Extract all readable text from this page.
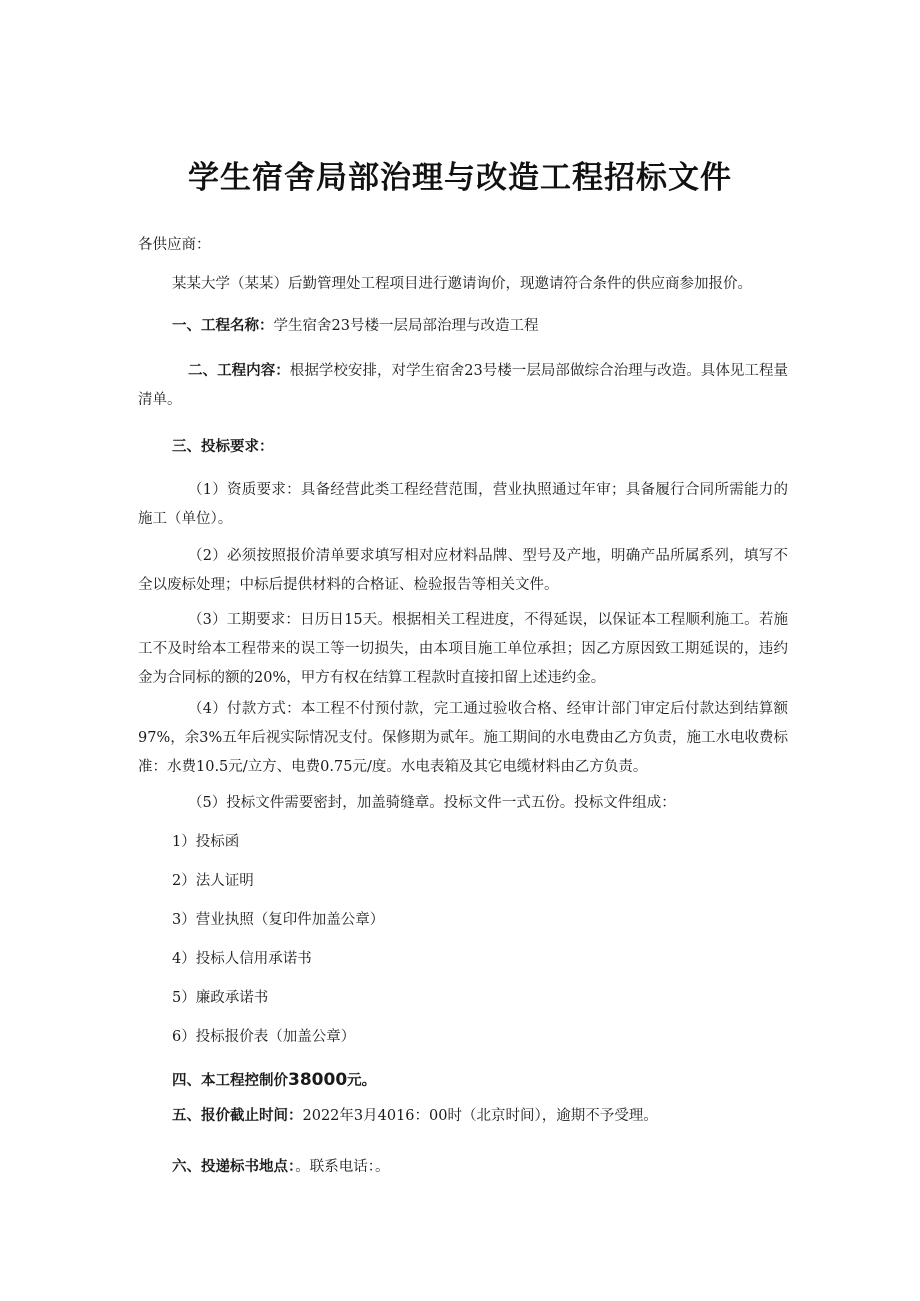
学生宿舍局部治理与改造工程招标文件
各供应商：
某某大学（某某）后勤管理处工程项目进行邀请询价，现邀请符合条件的供应商参加报价。
一、工程名称：学生宿舍23号楼一层局部治理与改造工程
二、工程内容：根据学校安排，对学生宿舍23号楼一层局部做综合治理与改造。具体见工程量清单。
三、投标要求：
（1）资质要求：具备经营此类工程经营范围，营业执照通过年审；具备履行合同所需能力的施工（单位）。
（2）必须按照报价清单要求填写相对应材料品牌、型号及产地，明确产品所属系列，填写不全以废标处理；中标后提供材料的合格证、检验报告等相关文件。
（3）工期要求：日历日15天。根据相关工程进度，不得延误，以保证本工程顺利施工。若施工不及时给本工程带来的误工等一切损失，由本项目施工单位承担；因乙方原因致工期延误的，违约金为合同标的额的20%，甲方有权在结算工程款时直接扣留上述违约金。
（4）付款方式：本工程不付预付款，完工通过验收合格、经审计部门审定后付款达到结算额97%，余3%五年后视实际情况支付。保修期为贰年。施工期间的水电费由乙方负责，施工水电收费标准：水费10.5元/立方、电费0.75元/度。水电表箱及其它电缆材料由乙方负责。
（5）投标文件需要密封，加盖骑缝章。投标文件一式五份。投标文件组成：
1）投标函
2）法人证明
3）营业执照（复印件加盖公章）
4）投标人信用承诺书
5）廉政承诺书
6）投标报价表（加盖公章）
四、本工程控制价38000元。
五、报价截止时间：2022年3月4016：00时（北京时间），逾期不予受理。
六、投递标书地点：。联系电话：。
